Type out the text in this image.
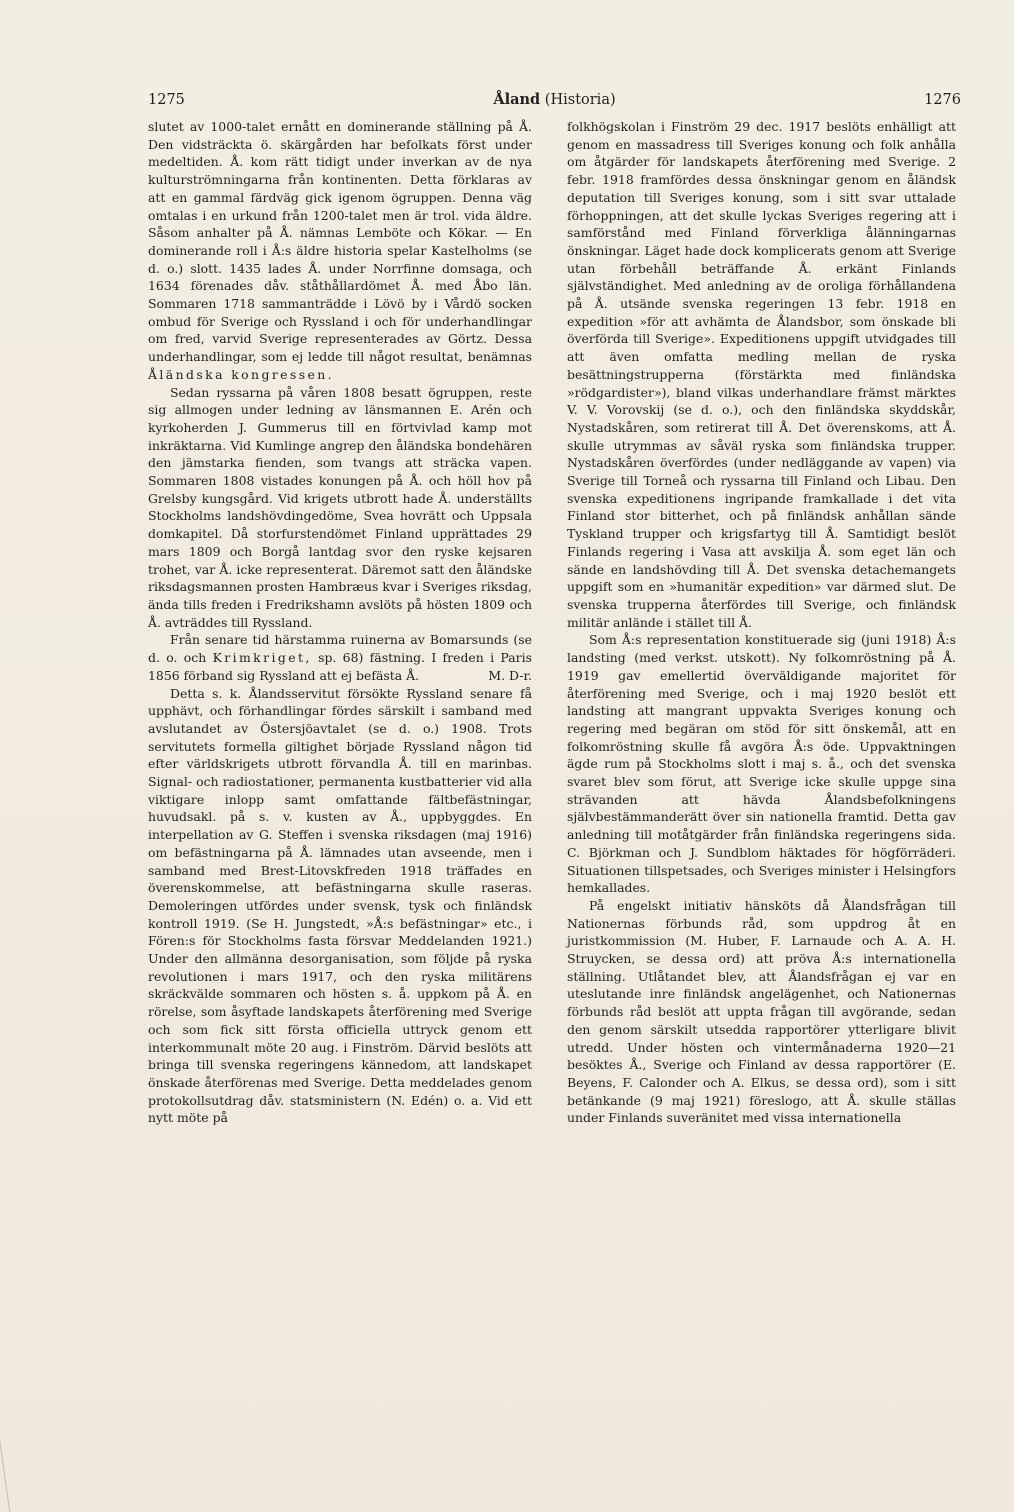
1275	Åland (Historia)	1276

slutet av 1000-talet ernått en dominerande ställning på Å. Den vidsträckta ö. skärgården har befolkats först under medeltiden. Å. kom rätt tidigt under inverkan av de nya kulturströmningarna från kontinenten. Detta förklaras av att en gammal färdväg gick igenom ögruppen. Denna väg omtalas i en urkund från 1200-talet men är trol. vida äldre. Såsom anhalter på Å. nämnas Lemböte och Kökar. — En dominerande roll i Å:s äldre historia spelar Kastelholms (se d. o.) slott. 1435 lades Å. under Norrfinne domsaga, och 1634 förenades dåv. ståthållardömet Å. med Åbo län. Sommaren 1718 sammanträdde i Lövö by i Vårdö socken ombud för Sverige och Ryssland i och för underhandlingar om fred, varvid Sverige representerades av Görtz. Dessa underhandlingar, som ej ledde till något resultat, benämnas Åländska kongressen.

Sedan ryssarna på våren 1808 besatt ögruppen, reste sig allmogen under ledning av länsmannen E. Arén och kyrkoherden J. Gummerus till en förtvivlad kamp mot inkräktarna. Vid Kumlinge angrep den åländska bondehären den jämstarka fienden, som tvangs att sträcka vapen. Sommaren 1808 vistades konungen på Å. och höll hov på Grelsby kungsgård. Vid krigets utbrott hade Å. underställts Stockholms landshövdingedöme, Svea hovrätt och Uppsala domkapitel. Då storfurstendömet Finland upprättades 29 mars 1809 och Borgå lantdag svor den ryske kejsaren trohet, var Å. icke representerat. Däremot satt den åländske riksdagsmannen prosten Hambræus kvar i Sveriges riksdag, ända tills freden i Fredrikshamn avslöts på hösten 1809 och Å. avträddes till Ryssland.

Från senare tid härstamma ruinerna av Bomarsunds (se d. o. och Krimkriget, sp. 68) fästning. I freden i Paris 1856 förband sig Ryssland att ej befästa Å.	M. D-r.

Detta s. k. Ålandsservitut försökte Ryssland senare få upphävt, och förhandlingar fördes särskilt i samband med avslutandet av Östersjöavtalet (se d. o.) 1908. Trots servitutets formella giltighet började Ryssland någon tid efter världskrigets utbrott förvandla Å. till en marinbas. Signal- och radiostationer, permanenta kustbatterier vid alla viktigare inlopp samt omfattande fältbefästningar, huvudsakl. på s. v. kusten av Å., uppbyggdes. En interpellation av G. Steffen i svenska riksdagen (maj 1916) om befästningarna på Å. lämnades utan avseende, men i samband med Brest-Litovskfreden 1918 träffades en överenskommelse, att befästningarna skulle raseras. Demoleringen utfördes under svensk, tysk och finländsk kontroll 1919. (Se H. Jungstedt, »Å:s befästningar» etc., i Fören:s för Stockholms fasta försvar Meddelanden 1921.) Under den allmänna desorganisation, som följde på ryska revolutionen i mars 1917, och den ryska militärens skräckvälde sommaren och hösten s. å. uppkom på Å. en rörelse, som åsyftade landskapets återförening med Sverige och som fick sitt första officiella uttryck genom ett interkommunalt möte 20 aug. i Finström. Därvid beslöts att bringa till svenska regeringens kännedom, att landskapet önskade återförenas med Sverige. Detta meddelades genom protokollsutdrag dåv. statsministern (N. Edén) o. a. Vid ett nytt möte på

folkhögskolan i Finström 29 dec. 1917 beslöts enhälligt att genom en massadress till Sveriges konung och folk anhålla om åtgärder för landskapets återförening med Sverige. 2 febr. 1918 framfördes dessa önskningar genom en åländsk deputation till Sveriges konung, som i sitt svar uttalade förhoppningen, att det skulle lyckas Sveriges regering att i samförstånd med Finland förverkliga ålänningarnas önskningar. Läget hade dock komplicerats genom att Sverige utan förbehåll beträffande Å. erkänt Finlands självständighet. Med anledning av de oroliga förhållandena på Å. utsände svenska regeringen 13 febr. 1918 en expedition »för att avhämta de Ålandsbor, som önskade bli överförda till Sverige». Expeditionens uppgift utvidgades till att även omfatta medling mellan de ryska besättningstrupperna (förstärkta med finländska »rödgardister»), bland vilkas underhandlare främst märktes V. V. Vorovskij (se d. o.), och den finländska skyddskår, Nystadskåren, som retirerat till Å. Det överenskoms, att Å. skulle utrymmas av såväl ryska som finländska trupper. Nystadskåren överfördes (under nedläggande av vapen) via Sverige till Torneå och ryssarna till Finland och Libau. Den svenska expeditionens ingripande framkallade i det vita Finland stor bitterhet, och på finländsk anhållan sände Tyskland trupper och krigsfartyg till Å. Samtidigt beslöt Finlands regering i Vasa att avskilja Å. som eget län och sände en landshövding till Å. Det svenska detachemangets uppgift som en »humanitär expedition» var därmed slut. De svenska trupperna återfördes till Sverige, och finländsk militär anlände i stället till Å.

Som Å:s representation konstituerade sig (juni 1918) Å:s landsting (med verkst. utskott). Ny folkomröstning på Å. 1919 gav emellertid överväldigande majoritet för återförening med Sverige, och i maj 1920 beslöt ett landsting att mangrant uppvakta Sveriges konung och regering med begäran om stöd för sitt önskemål, att en folkomröstning skulle få avgöra Å:s öde. Uppvaktningen ägde rum på Stockholms slott i maj s. å., och det svenska svaret blev som förut, att Sverige icke skulle uppge sina strävanden att hävda Ålandsbefolkningens självbestämmanderätt över sin nationella framtid. Detta gav anledning till motåtgärder från finländska regeringens sida. C. Björkman och J. Sundblom häktades för högförräderi. Situationen tillspetsades, och Sveriges minister i Helsingfors hemkallades.

På engelskt initiativ hänsköts då Ålandsfrågan till Nationernas förbunds råd, som uppdrog åt en juristkommission (M. Huber, F. Larnaude och A. A. H. Struycken, se dessa ord) att pröva Å:s internationella ställning. Utlåtandet blev, att Ålandsfrågan ej var en uteslutande inre finländsk angelägenhet, och Nationernas förbunds råd beslöt att uppta frågan till avgörande, sedan den genom särskilt utsedda rapportörer ytterligare blivit utredd. Under hösten och vintermånaderna 1920—21 besöktes Å., Sverige och Finland av dessa rapportörer (E. Beyens, F. Calonder och A. Elkus, se dessa ord), som i sitt betänkande (9 maj 1921) föreslogo, att Å. skulle ställas under Finlands suveränitet med vissa internationella
